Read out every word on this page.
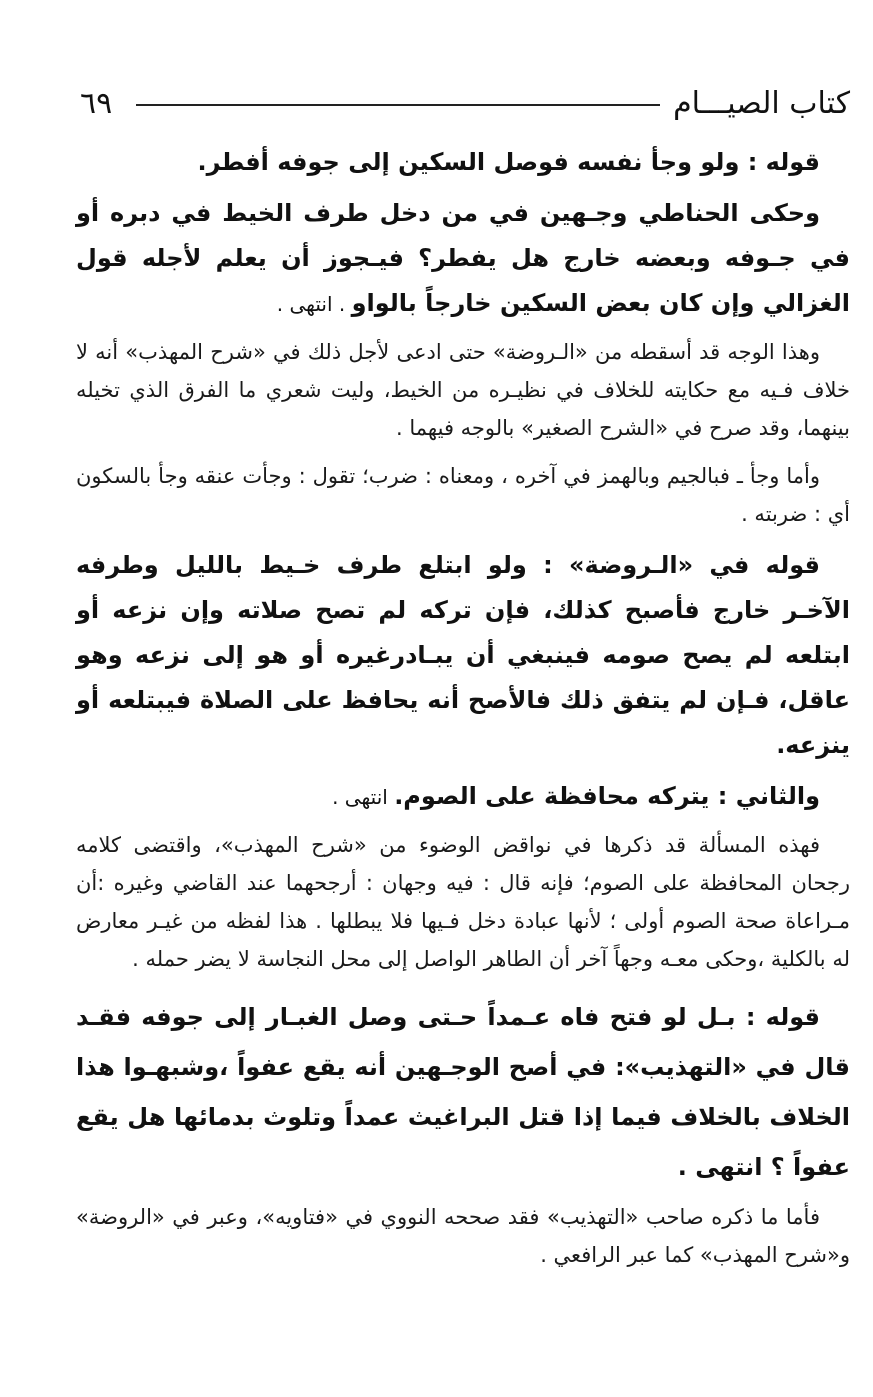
كتاب الصيـــام
٦٩

قوله : ولو وجأ نفسه فوصل السكين إلى جوفه أفطر.

وحكى الحناطي وجـهين في من دخل طرف الخيط في دبره أو في جـوفه وبعضه خارج هل يفطر؟ فيـجوز أن يعلم لأجله قول الغزالي وإن كان بعض السكين خارجاً بالواو . انتهى .

وهذا الوجه قد أسقطه من «الـروضة» حتى ادعى لأجل ذلك في «شرح المهذب» أنه لا خلاف فـيه مع حكايته للخلاف في نظيـره من الخيط، وليت شعري ما الفرق الذي تخيله بينهما، وقد صرح في «الشرح الصغير» بالوجه فيهما .

وأما وجأ ـ فبالجيم وبالهمز في آخره ، ومعناه : ضرب؛ تقول : وجأت عنقه وجأ بالسكون أي : ضربته .

قوله في «الـروضة» : ولو ابتلع طرف خـيط بالليل وطرفه الآخـر خارج فأصبح كذلك، فإن تركه لم تصح صلاته وإن نزعه أو ابتلعه لم يصح صومه فينبغي أن يبـادرغيره أو هو إلى نزعه وهو عاقل، فـإن لم يتفق ذلك فالأصح أنه يحافظ على الصلاة فيبتلعه أو ينزعه.

والثاني : يتركه محافظة على الصوم. انتهى .

فهذه المسألة قد ذكرها في نواقض الوضوء من «شرح المهذب»، واقتضى كلامه رجحان المحافظة على الصوم؛ فإنه قال : فيه وجهان : أرجحهما عند القاضي وغيره :أن مـراعاة صحة الصوم أولى ؛ لأنها عبادة دخل فـيها فلا يبطلها . هذا لفظه من غيـر معارض له بالكلية ،وحكى معـه وجهاً آخر أن الطاهر الواصل إلى محل النجاسة لا يضر حمله .

قوله : بـل لو فتح فاه عـمداً حـتى وصل الغبـار إلى جوفه فقـد قال في «التهذيب»: في أصح الوجـهين أنه يقع عفواً ،وشبهـوا هذا الخلاف بالخلاف فيما إذا قتل البراغيث عمداً وتلوث بدمائها هل يقع عفواً ؟ انتهى .

فأما ما ذكره صاحب «التهذيب» فقد صححه النووي في «فتاويه»، وعبر في «الروضة» و«شرح المهذب» كما عبر الرافعي .
